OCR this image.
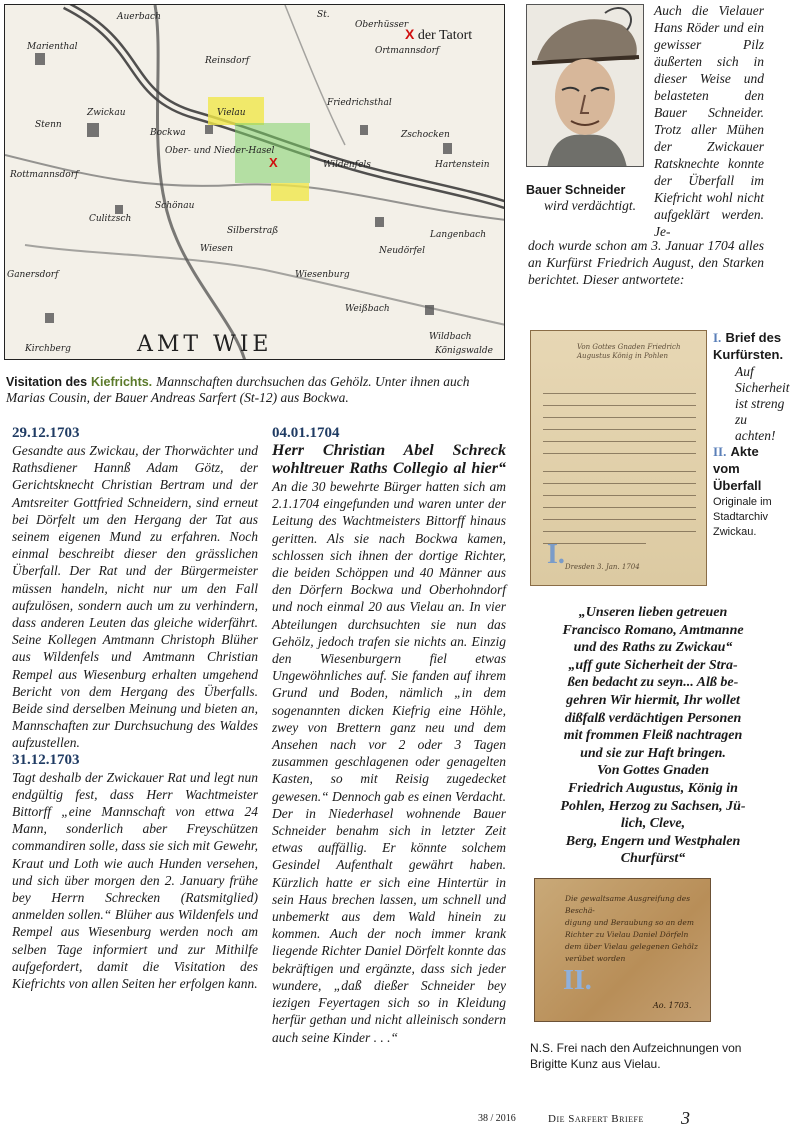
X
Auerbach	St.
Oberhüsser
Marienthal
Zwickau
Reinsdorf
Ortmannsdorf
Stenn
Friedrichsthal
Bockwa
Vielau
Zschocken
Rottmannsdorf
Ober- und Nieder-Hasel
Wildenfels	Hartenstein
Silberstraß
Culitzsch
Schönau
Wiesen	Neudörfel
Wiesenburg
Langenbach
Weißbach
Ganersdorf
Kirchberg
Wildbach
Königswalde
AMT WIE
X der Tatort
Bauer Schneider
wird verdächtigt.
Auch die Vielauer Hans Röder und ein gewisser Pilz äußerten sich in dieser Weise und belasteten den Bauer Schneider. Trotz aller Mühen der Zwickauer Ratsknechte konnte der Überfall im Kiefricht wohl nicht aufgeklärt werden. Je-
doch wurde schon am 3. Januar 1704 alles an Kurfürst Friedrich August, den Starken berichtet. Dieser antwortete:
Visitation des Kiefrichts. Mannschaften durchsuchen das Gehölz. Unter ihnen auch Marias Cousin, der Bauer Andreas Sarfert (St-12) aus Bockwa.
29.12.1703
Gesandte aus Zwickau, der Thorwächter und Rathsdiener Hannß Adam Götz, der Gerichtsknecht Christian Bertram und der Amtsreiter Gottfried Schneidern, sind erneut bei Dörfelt um den Hergang der Tat aus seinem eigenen Mund zu erfahren. Noch einmal beschreibt dieser den grässlichen Überfall. Der Rat und der Bürgermeister müssen handeln, nicht nur um den Fall aufzulösen, sondern auch um zu verhindern, dass anderen Leuten das gleiche widerfährt. Seine Kollegen Amtmann Christoph Blüher aus Wildenfels und Amtmann Christian Rempel aus Wiesenburg erhalten umgehend Bericht von dem Hergang des Überfalls. Beide sind derselben Meinung und bieten an, Mannschaften zur Durchsuchung des Waldes aufzustellen.
31.12.1703
Tagt deshalb der Zwickauer Rat und legt nun endgültig fest, dass Herr Wachtmeister Bittorff „eine Mannschaft von ettwa 24 Mann, sonderlich aber Freyschützen commandiren solle, dass sie sich mit Gewehr, Kraut und Loth wie auch Hunden versehen, und sich über morgen den 2. January frühe bey Herrn Schrecken (Ratsmitglied) anmelden sollen.“ Blüher aus Wildenfels und Rempel aus Wiesenburg werden noch am selben Tage informiert und zur Mithilfe aufgefordert, damit die Visitation des Kiefrichts von allen Seiten her erfolgen kann.
04.01.1704
Herr Christian Abel Schreck wohltreuer Raths Collegio al hier“ An die 30 bewehrte Bürger hatten sich am 2.1.1704 eingefunden und waren unter der Leitung des Wachtmeisters Bittorff hinaus geritten. Als sie nach Bockwa kamen, schlossen sich ihnen der dortige Richter, die beiden Schöppen und 40 Männer aus den Dörfern Bockwa und Oberhohndorf und noch einmal 20 aus Vielau an. In vier Abteilungen durchsuchten sie nun das Gehölz, jedoch trafen sie nichts an. Einzig den Wiesenburgern fiel etwas Ungewöhnliches auf. Sie fanden auf ihrem Grund und Boden, nämlich „in dem sogenannten dicken Kiefrig eine Höhle, zwey von Brettern ganz neu und dem Ansehen nach vor 2 oder 3 Tagen zusammen geschlagenen oder genagelten Kasten, so mit Reisig zugedecket gewesen.“ Dennoch gab es einen Verdacht. Der in Niederhasel wohnende Bauer Schneider benahm sich in letzter Zeit etwas auffällig. Er könnte solchem Gesindel Aufenthalt gewährt haben. Kürzlich hatte er sich eine Hintertür in sein Haus brechen lassen, um schnell und unbemerkt aus dem Wald hinein zu kommen. Auch der noch immer krank liegende Richter Daniel Dörfelt konnte das bekräftigen und ergänzte, dass sich jeder wundere, „daß dießer Schneider bey iezigen Feyertagen sich so in Kleidung herfür gethan und nicht alleinisch sondern auch seine Kinder . . .“
Von Gottes Gnaden Friedrich Augustus König in Pohlen
Dresden 3. Jan. 1704
I.
I. Brief des Kurfürsten.
Auf Sicherheit ist streng zu achten!
II. Akte vom Überfall
Originale im Stadtarchiv Zwickau.
„Unseren lieben getreuen
Francisco Romano, Amtmanne
und des Raths zu Zwickau“
„uff gute Sicherheit der Stra-
ßen bedacht zu seyn... Alß be-
gehren Wir hiermit, Ihr wollet
dißfalß verdächtigen Personen
mit frommen Fleiß nachtragen
und sie zur Haft bringen.
Von Gottes Gnaden
Friedrich Augustus, König in
Pohlen, Herzog zu Sachsen, Jü-
lich, Cleve,
Berg, Engern und Westphalen
Churfürst“
Die gewaltsame Ausgreifung des Beschä-
digung und Beraubung so an dem
Richter zu Vielau Daniel Dörfeln
dem über Vielau gelegenen Gehölz
verübet worden
II.
Ao. 1703.
N.S. Frei nach den Aufzeichnungen von Brigitte Kunz aus Vielau.
38 / 2016	Die Sarfert Briefe 3
